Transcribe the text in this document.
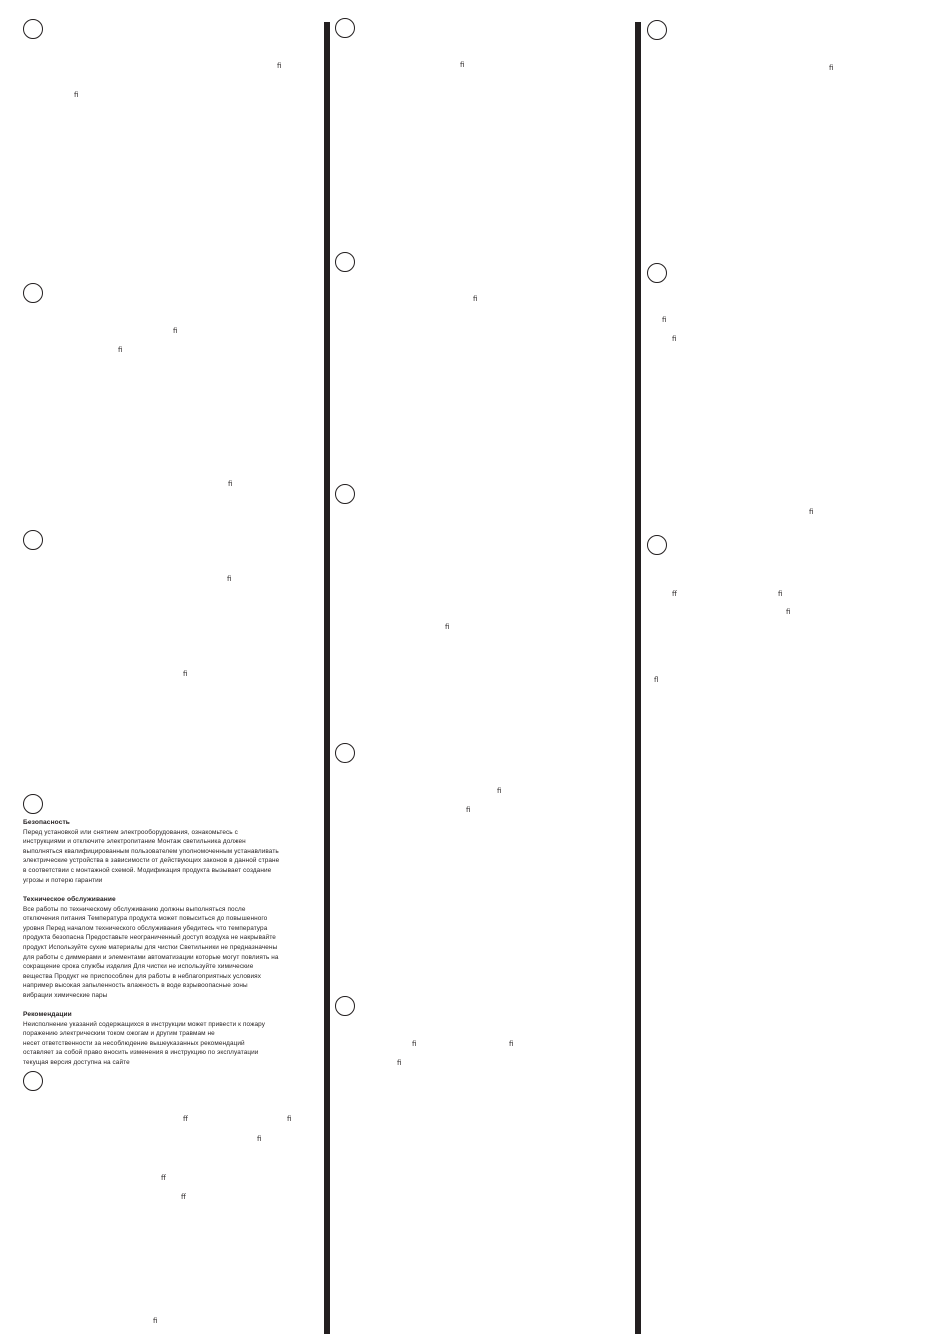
ﬁ
ﬁ
ﬁ
ﬁ
ﬁ
ﬁ
ﬁ
ﬀ	ﬁ
ﬁ
ﬀ
ﬀ
ﬁ
ﬁ
ﬁ
ﬁ
ﬁ
ﬁ
ﬁ	ﬁ
ﬁ
ﬁ
ﬁ
ﬁ
ﬁ
ﬀ	ﬁ
ﬁ
ﬂ
Безопасность

Перед установкой или снятием электрооборудования, ознакомьтесь с

инструкциями и отключите электропитание Монтаж светильника должен

выполняться квалифицированным пользователем уполномоченным устанавливать

электрические устройства в зависимости от действующих законов в данной стране

в соответствии с монтажной схемой. Модификация продукта вызывает создание

угрозы и потерю гарантии

Техническое обслуживание

Все работы по техническому обслуживанию должны выполняться после

отключения питания Температура продукта может повыситься до повышенного

уровня Перед началом технического обслуживания убедитесь что температура

продукта безопасна Предоставьте неограниченный доступ воздуха не накрывайте

продукт Используйте сухие материалы для чистки Светильники не предназначены

для работы с диммерами и элементами автоматизации которые могут повлиять на

сокращение срока службы изделия Для чистки не используйте химические

вещества Продукт не приспособлен для работы в неблагоприятных условиях

например высокая запыленность влажность в воде взрывоопасные зоны

вибрации химические пары

Рекомендации

Неисполнение указаний содержащихся в инструкции может привести к пожару

поражению электрическим током ожогам и другим травмам не

несет ответственности за несоблюдение вышеуказанных рекомендаций

оставляет за собой право вносить изменения в инструкцию по эксплуатации

текущая версия доступна на сайте
